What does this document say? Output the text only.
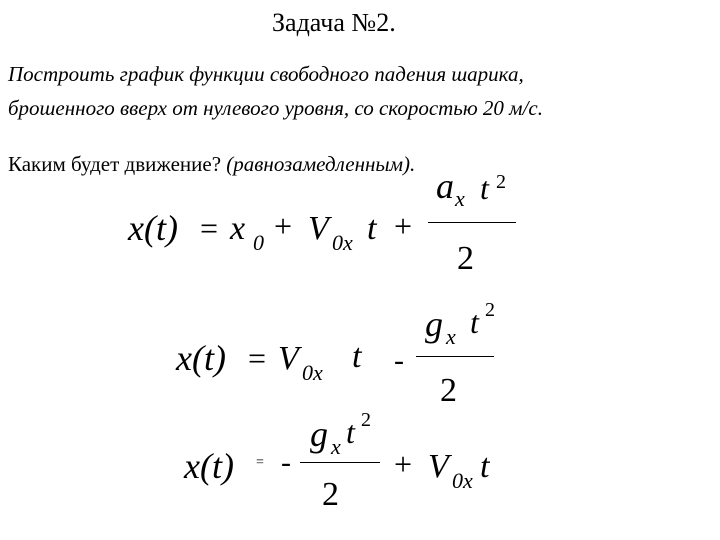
Задача №2.
Построить график функции свободного падения шарика,
брошенного вверх от нулевого уровня, со скоростью 20 м/с.
Каким будет движение? (равнозамедленным).
x(t) = x 0 + V 0x t +
a x t 2
2
x(t) = V 0x t -
g x t 2
2
x(t) = -
g x t 2
2
+ V 0x t
